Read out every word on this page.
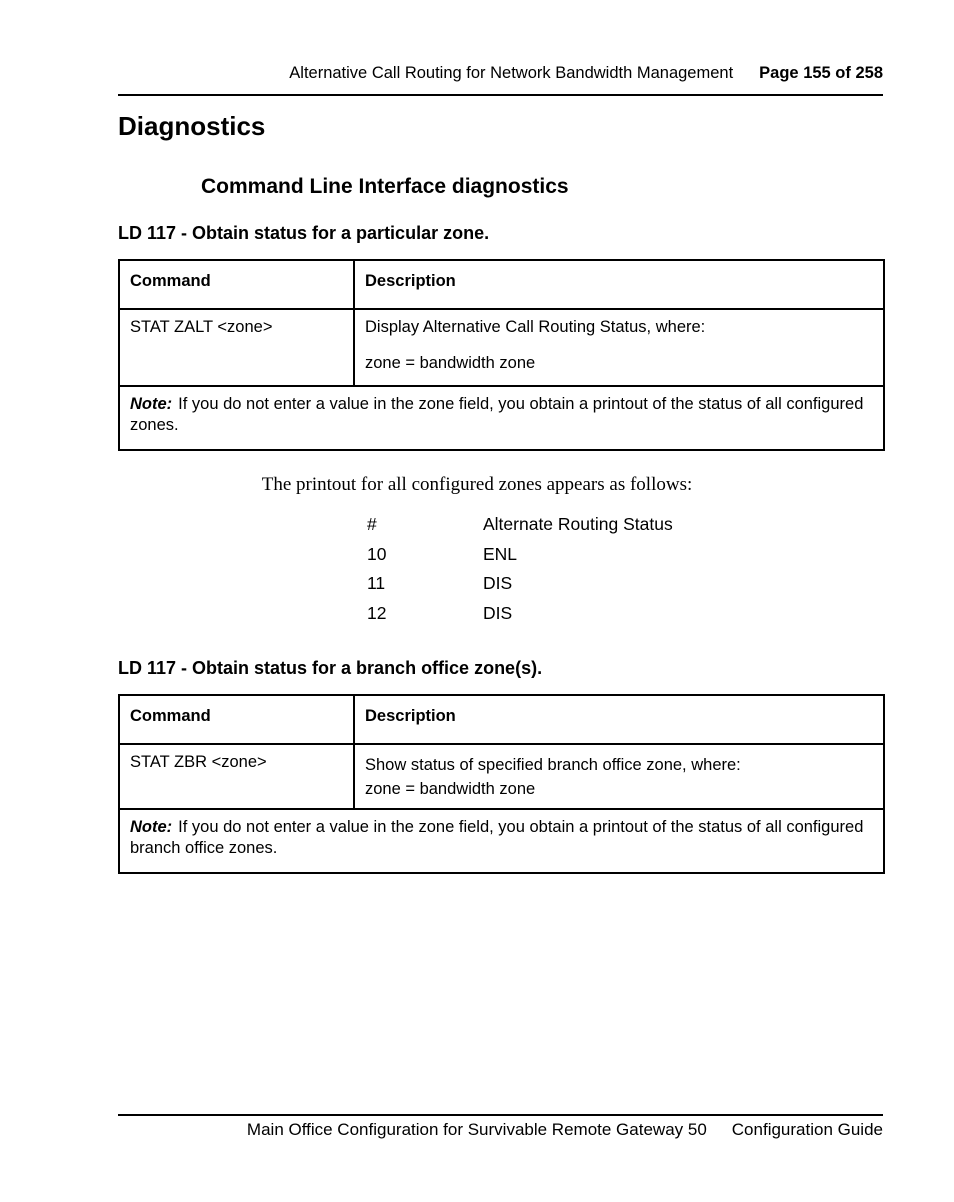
Alternative Call Routing for Network Bandwidth Management Page 155 of 258
Diagnostics
Command Line Interface diagnostics
LD 117 - Obtain status for a particular zone.
Command	Description
STAT ZALT <zone>	Display Alternative Call Routing Status, where:
zone = bandwidth zone

Note: If you do not enter a value in the zone field, you obtain a printout of the status of all configured zones.	
The printout for all configured zones appears as follows:
#	Alternate Routing Status
10	ENL
11	DIS
12	DIS
LD 117 - Obtain status for a branch office zone(s).
Command	Description
STAT ZBR <zone>	Show status of specified branch office zone, where:
zone = bandwidth zone

Note: If you do not enter a value in the zone field, you obtain a printout of the status of all configured branch office zones.	
Main Office Configuration for Survivable Remote Gateway 50 Configuration Guide
